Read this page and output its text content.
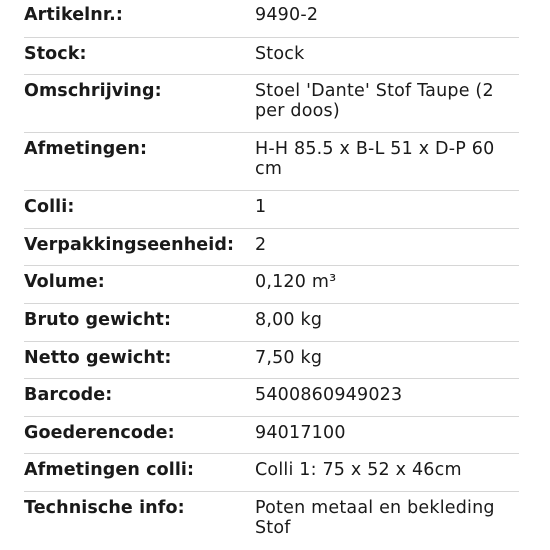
Artikelnr.:	9490-2
Stock:	Stock
Omschrijving:	Stoel 'Dante' Stof Taupe (2 per doos)
Afmetingen:	H-H 85.5 x B-L 51 x D-P 60 cm
Colli:	1
Verpakkingseenheid:	2
Volume:	0,120 m³
Bruto gewicht:	8,00 kg
Netto gewicht:	7,50 kg
Barcode:	5400860949023
Goederencode:	94017100
Afmetingen colli:	Colli 1: 75 x 52 x 46cm
Technische info:	Poten metaal en bekleding Stof
